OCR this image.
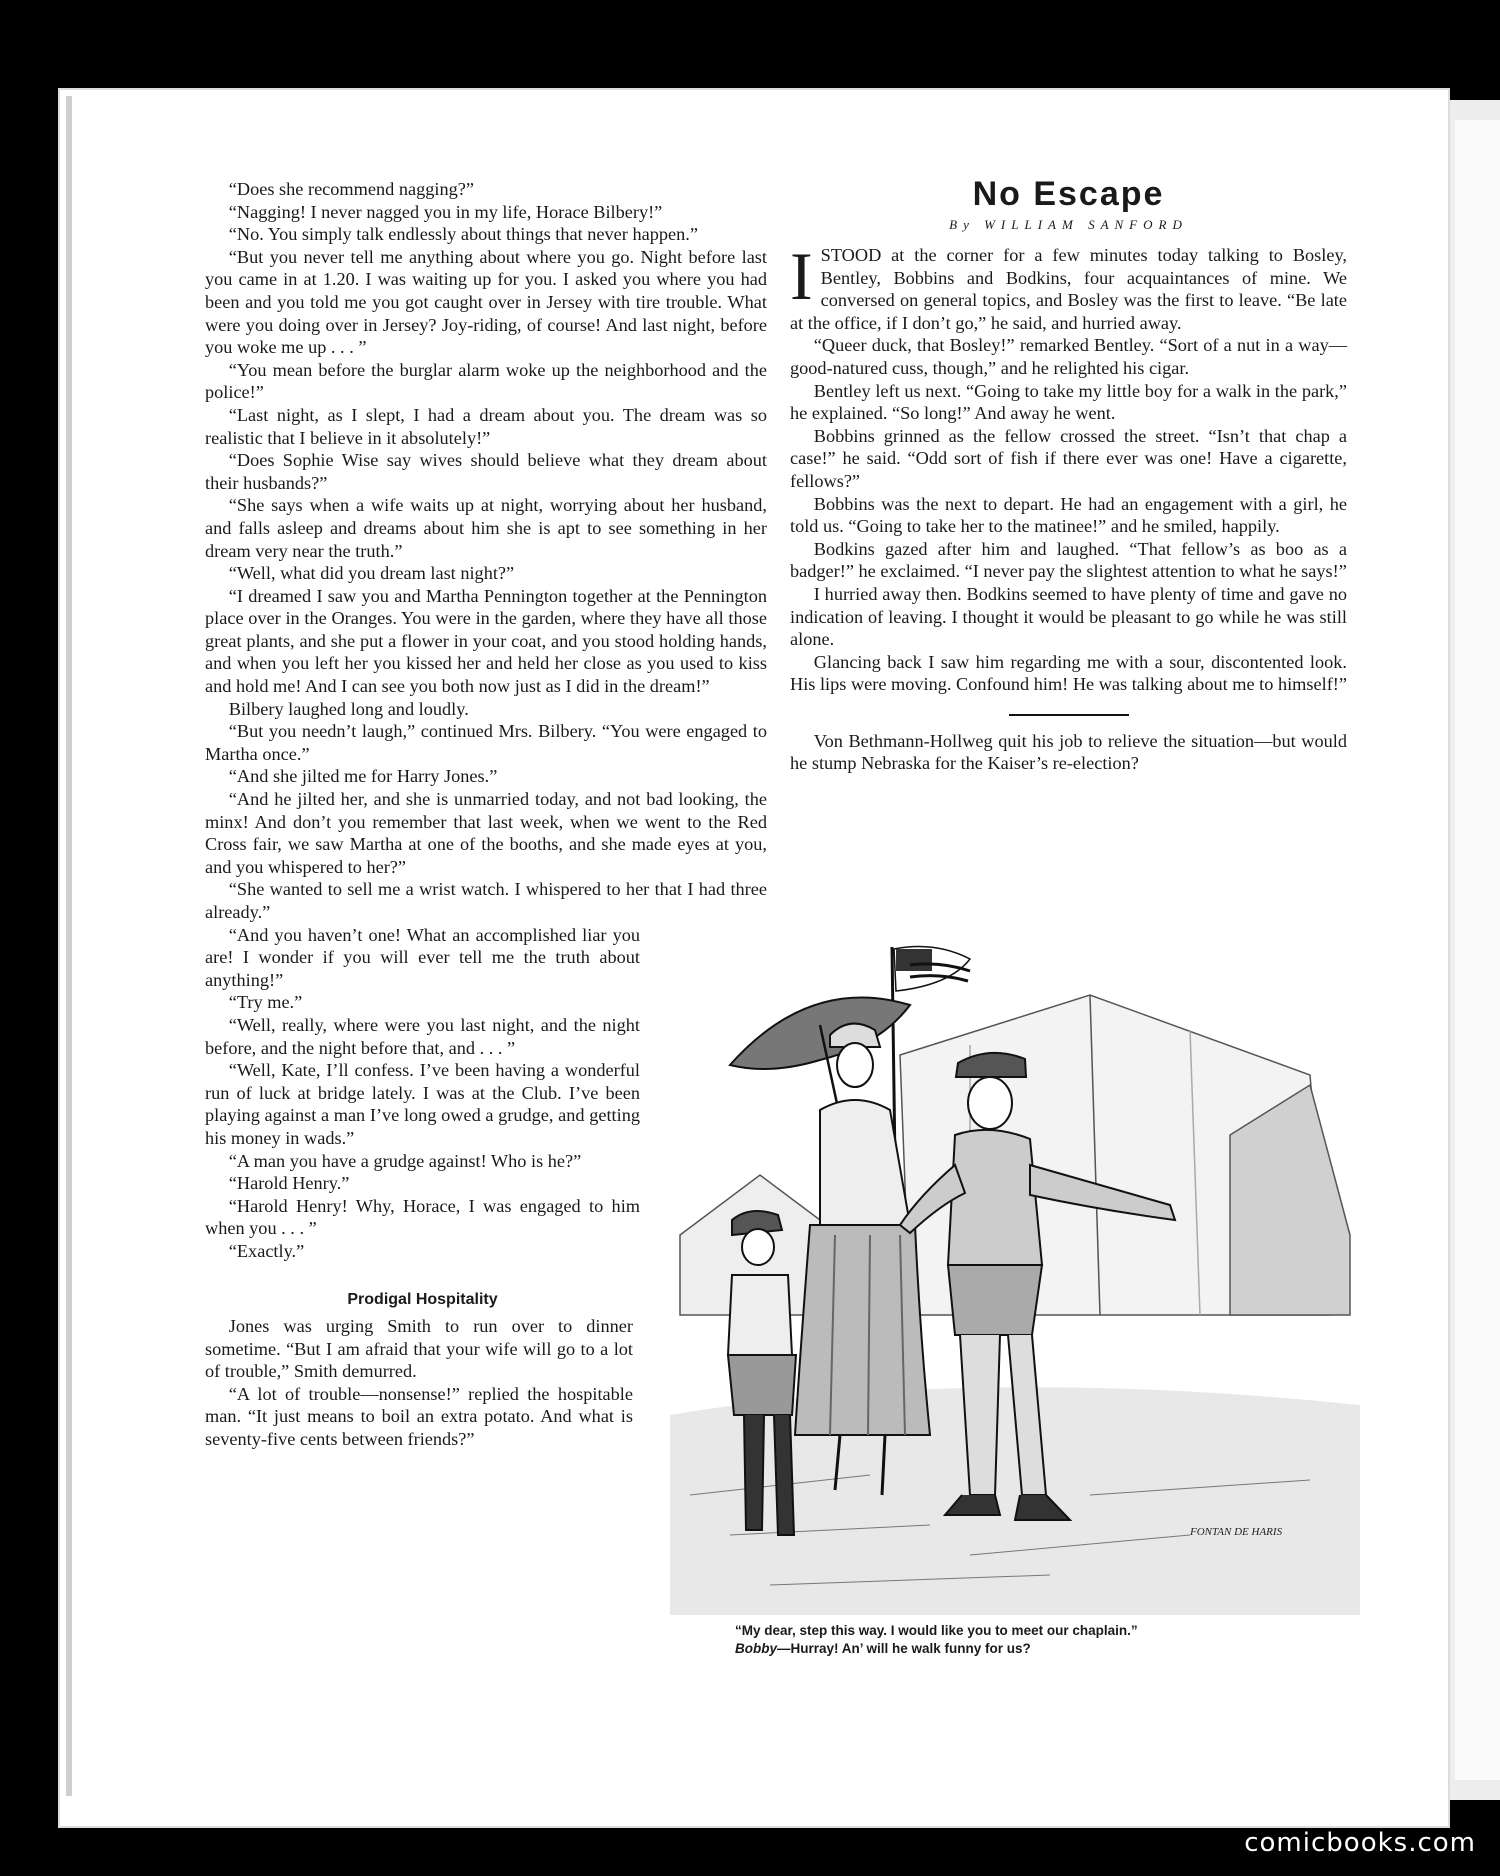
“Does she recommend nagging?”

“Nagging! I never nagged you in my life, Horace Bilbery!”

“No. You simply talk endlessly about things that never happen.”

“But you never tell me anything about where you go. Night before last you came in at 1.20. I was waiting up for you. I asked you where you had been and you told me you got caught over in Jersey with tire trouble. What were you doing over in Jersey? Joy-riding, of course! And last night, before you woke me up . . . ”

“You mean before the burglar alarm woke up the neighborhood and the police!”

“Last night, as I slept, I had a dream about you. The dream was so realistic that I believe in it absolutely!”

“Does Sophie Wise say wives should believe what they dream about their husbands?”

“She says when a wife waits up at night, worrying about her husband, and falls asleep and dreams about him she is apt to see something in her dream very near the truth.”

“Well, what did you dream last night?”

“I dreamed I saw you and Martha Pennington together at the Pennington place over in the Oranges. You were in the garden, where they have all those great plants, and she put a flower in your coat, and you stood holding hands, and when you left her you kissed her and held her close as you used to kiss and hold me! And I can see you both now just as I did in the dream!”

Bilbery laughed long and loudly.

“But you needn’t laugh,” continued Mrs. Bilbery. “You were engaged to Martha once.”

“And she jilted me for Harry Jones.”

“And he jilted her, and she is unmarried today, and not bad looking, the minx! And don’t you remember that last week, when we went to the Red Cross fair, we saw Martha at one of the booths, and she made eyes at you, and you whispered to her?”

“She wanted to sell me a wrist watch. I whispered to her that I had three already.”

“And you haven’t one! What an accomplished liar you are! I wonder if you will ever tell me the truth about anything!”

“Try me.”

“Well, really, where were you last night, and the night before, and the night before that, and . . . ”

“Well, Kate, I’ll confess. I’ve been having a wonderful run of luck at bridge lately. I was at the Club. I’ve been playing against a man I’ve long owed a grudge, and getting his money in wads.”

“A man you have a grudge against! Who is he?”

“Harold Henry.”

“Harold Henry! Why, Horace, I was engaged to him when you . . . ”

“Exactly.”

Prodigal Hospitality

Jones was urging Smith to run over to dinner sometime. “But I am afraid that your wife will go to a lot of trouble,” Smith demurred.

“A lot of trouble—nonsense!” replied the hospitable man. “It just means to boil an extra potato. And what is seventy-five cents between friends?”

No Escape
By WILLIAM SANFORD

ISTOOD at the corner for a few minutes today talking to Bosley, Bentley, Bobbins and Bodkins, four acquaintances of mine. We conversed on general topics, and Bosley was the first to leave. “Be late at the office, if I don’t go,” he said, and hurried away.

“Queer duck, that Bosley!” remarked Bentley. “Sort of a nut in a way—good-natured cuss, though,” and he relighted his cigar.

Bentley left us next. “Going to take my little boy for a walk in the park,” he explained. “So long!” And away he went.

Bobbins grinned as the fellow crossed the street. “Isn’t that chap a case!” he said. “Odd sort of fish if there ever was one! Have a cigarette, fellows?”

Bobbins was the next to depart. He had an engagement with a girl, he told us. “Going to take her to the matinee!” and he smiled, happily.

Bodkins gazed after him and laughed. “That fellow’s as boo as a badger!” he exclaimed. “I never pay the slightest attention to what he says!”

I hurried away then. Bodkins seemed to have plenty of time and gave no indication of leaving. I thought it would be pleasant to go while he was still alone.

Glancing back I saw him regarding me with a sour, discontented look. His lips were moving. Confound him! He was talking about me to himself!”

Von Bethmann-Hollweg quit his job to relieve the situation—but would he stump Nebraska for the Kaiser’s re-election?

FONTAN DE HARIS
“My dear, step this way. I would like you to meet our chaplain.”
Bobby—Hurray! An’ will he walk funny for us?
comicbooks.com
